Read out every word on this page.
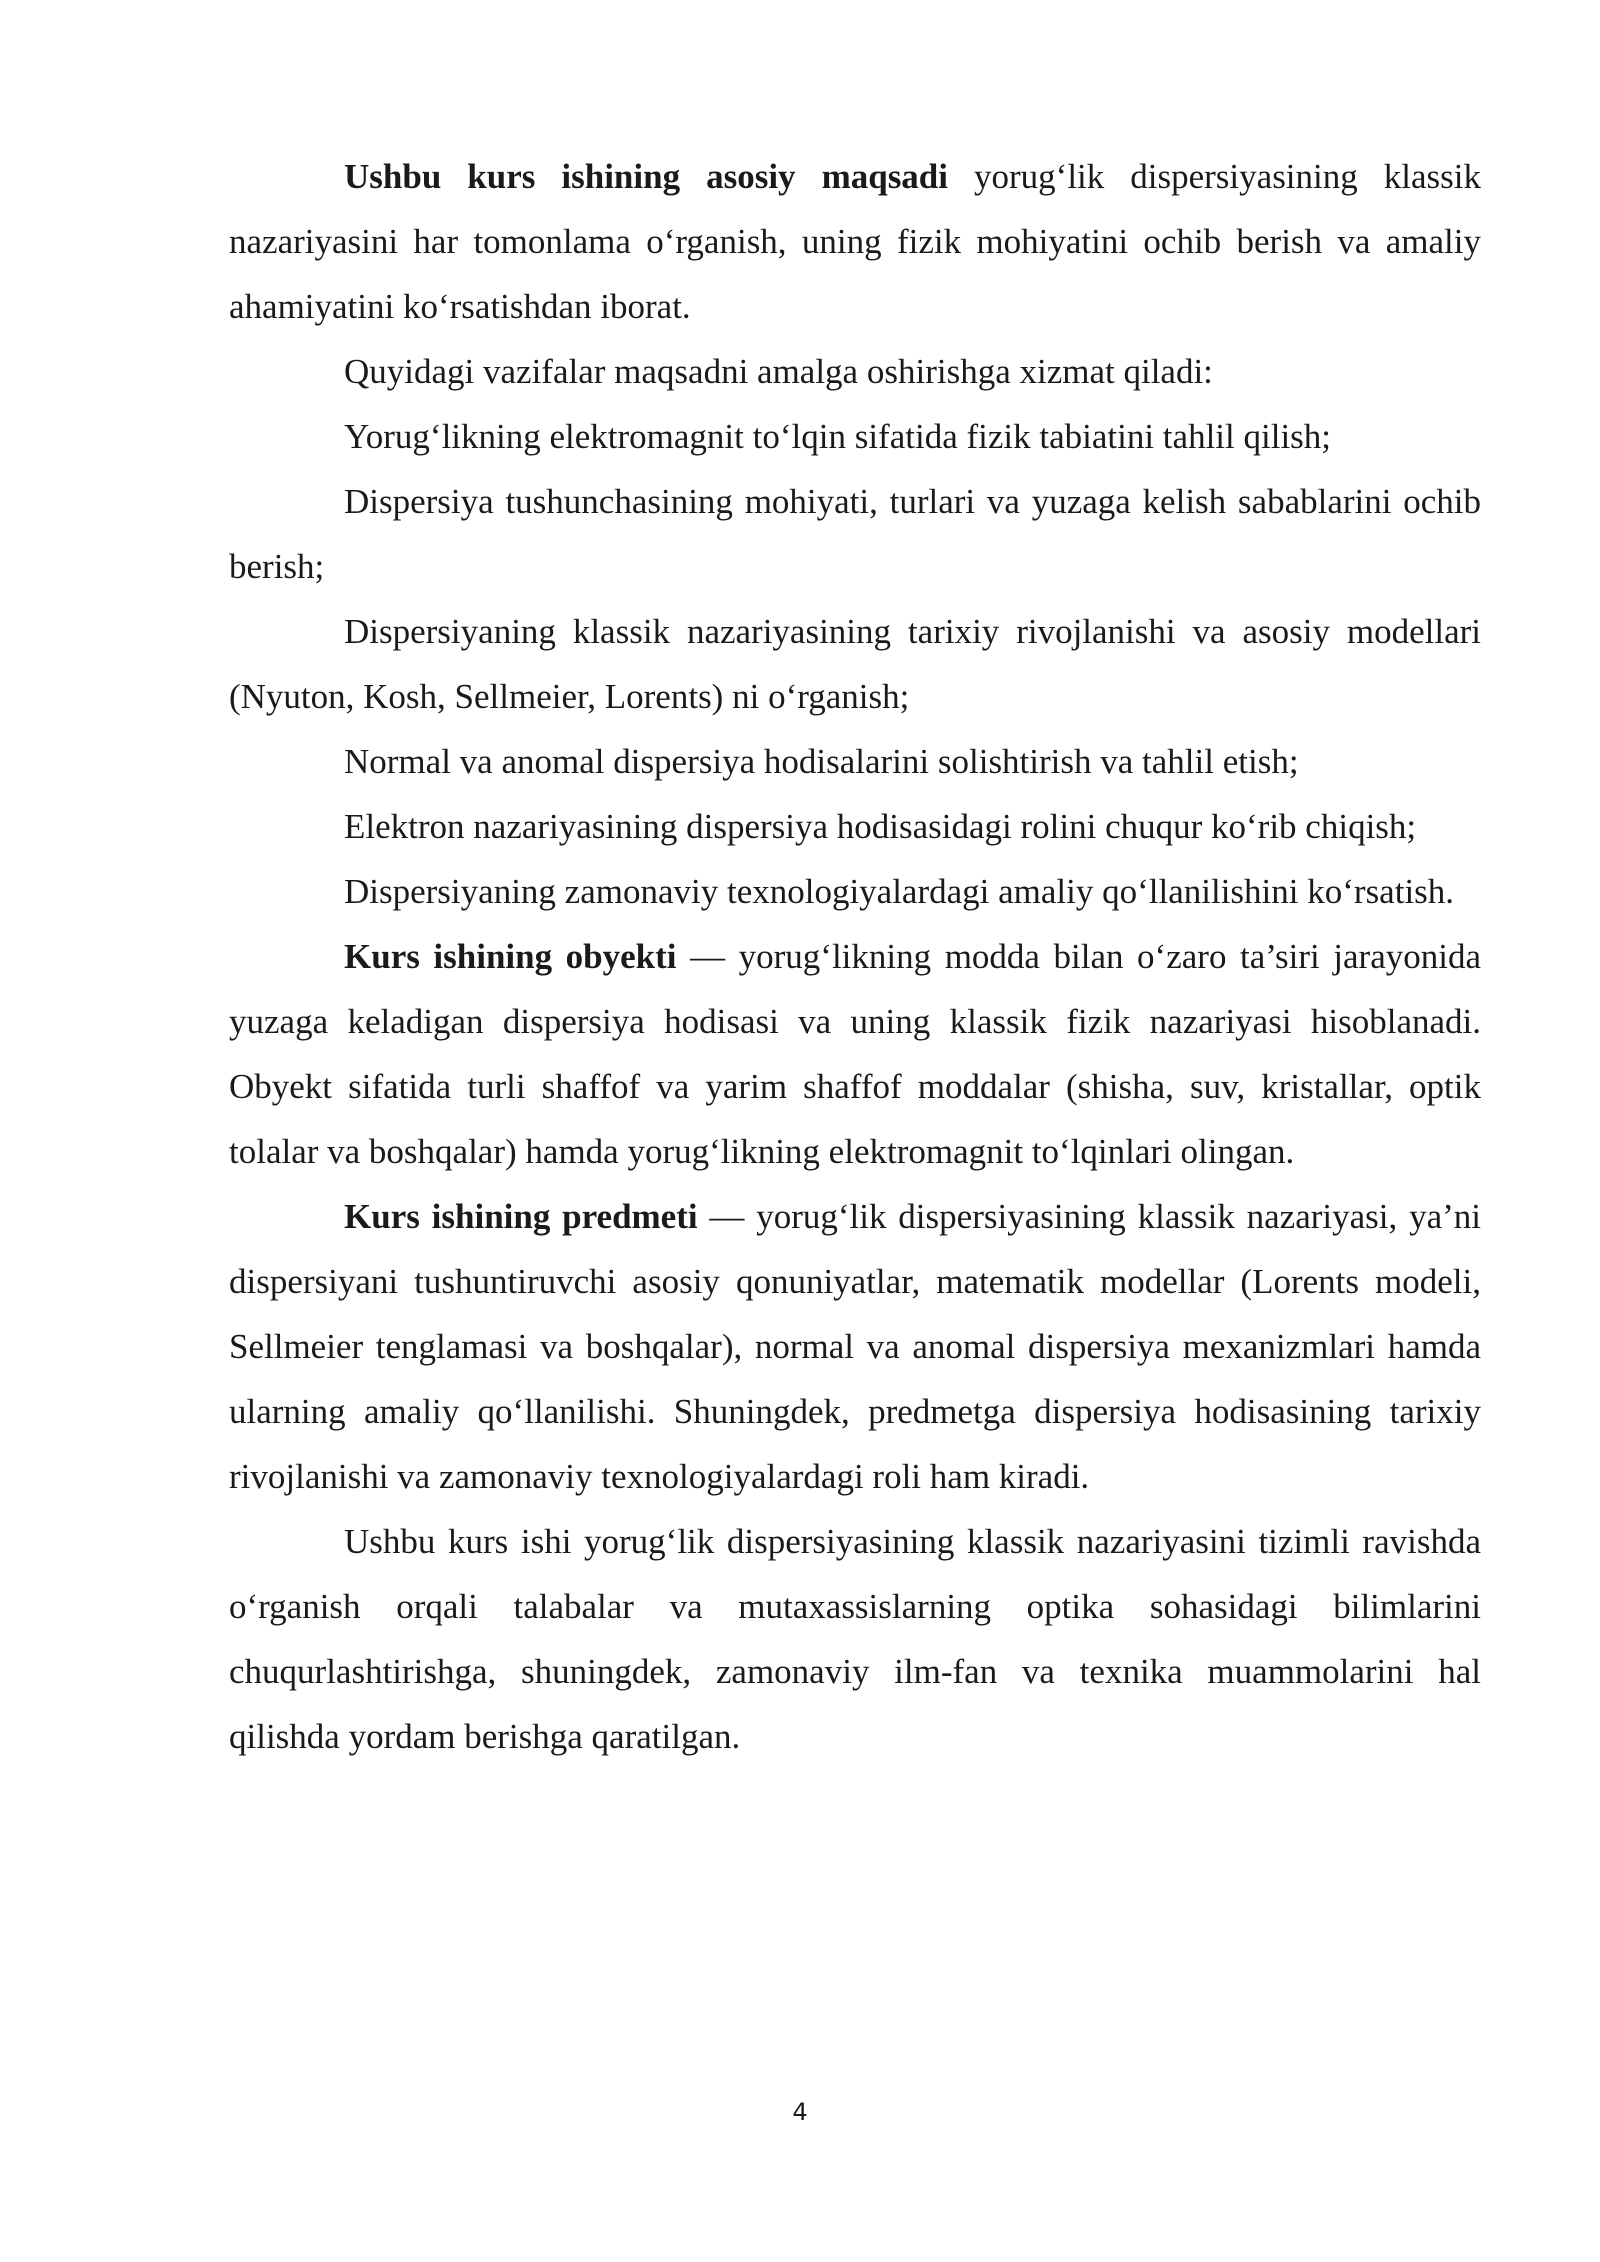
Ushbu kurs ishining asosiy maqsadi yorug‘lik dispersiyasining klassik nazariyasini har tomonlama o‘rganish, uning fizik mohiyatini ochib berish va amaliy ahamiyatini ko‘rsatishdan iborat.

Quyidagi vazifalar maqsadni amalga oshirishga xizmat qiladi:

Yorug‘likning elektromagnit to‘lqin sifatida fizik tabiatini tahlil qilish;

Dispersiya tushunchasining mohiyati, turlari va yuzaga kelish sabablarini ochib berish;

Dispersiyaning klassik nazariyasining tarixiy rivojlanishi va asosiy modellari (Nyuton, Kosh, Sellmeier, Lorents) ni o‘rganish;

Normal va anomal dispersiya hodisalarini solishtirish va tahlil etish;

Elektron nazariyasining dispersiya hodisasidagi rolini chuqur ko‘rib chiqish;

Dispersiyaning zamonaviy texnologiyalardagi amaliy qo‘llanilishini ko‘rsatish.

Kurs ishining obyekti — yorug‘likning modda bilan o‘zaro ta’siri jarayonida yuzaga keladigan dispersiya hodisasi va uning klassik fizik nazariyasi hisoblanadi. Obyekt sifatida turli shaffof va yarim shaffof moddalar (shisha, suv, kristallar, optik tolalar va boshqalar) hamda yorug‘likning elektromagnit to‘lqinlari olingan.

Kurs ishining predmeti — yorug‘lik dispersiyasining klassik nazariyasi, ya’ni dispersiyani tushuntiruvchi asosiy qonuniyatlar, matematik modellar (Lorents modeli, Sellmeier tenglamasi va boshqalar), normal va anomal dispersiya mexanizmlari hamda ularning amaliy qo‘llanilishi. Shuningdek, predmetga dispersiya hodisasining tarixiy rivojlanishi va zamonaviy texnologiyalardagi roli ham kiradi.

Ushbu kurs ishi yorug‘lik dispersiyasining klassik nazariyasini tizimli ravishda o‘rganish orqali talabalar va mutaxassislarning optika sohasidagi bilimlarini chuqurlashtirishga, shuningdek, zamonaviy ilm-fan va texnika muammolarini hal qilishda yordam berishga qaratilgan.

4
